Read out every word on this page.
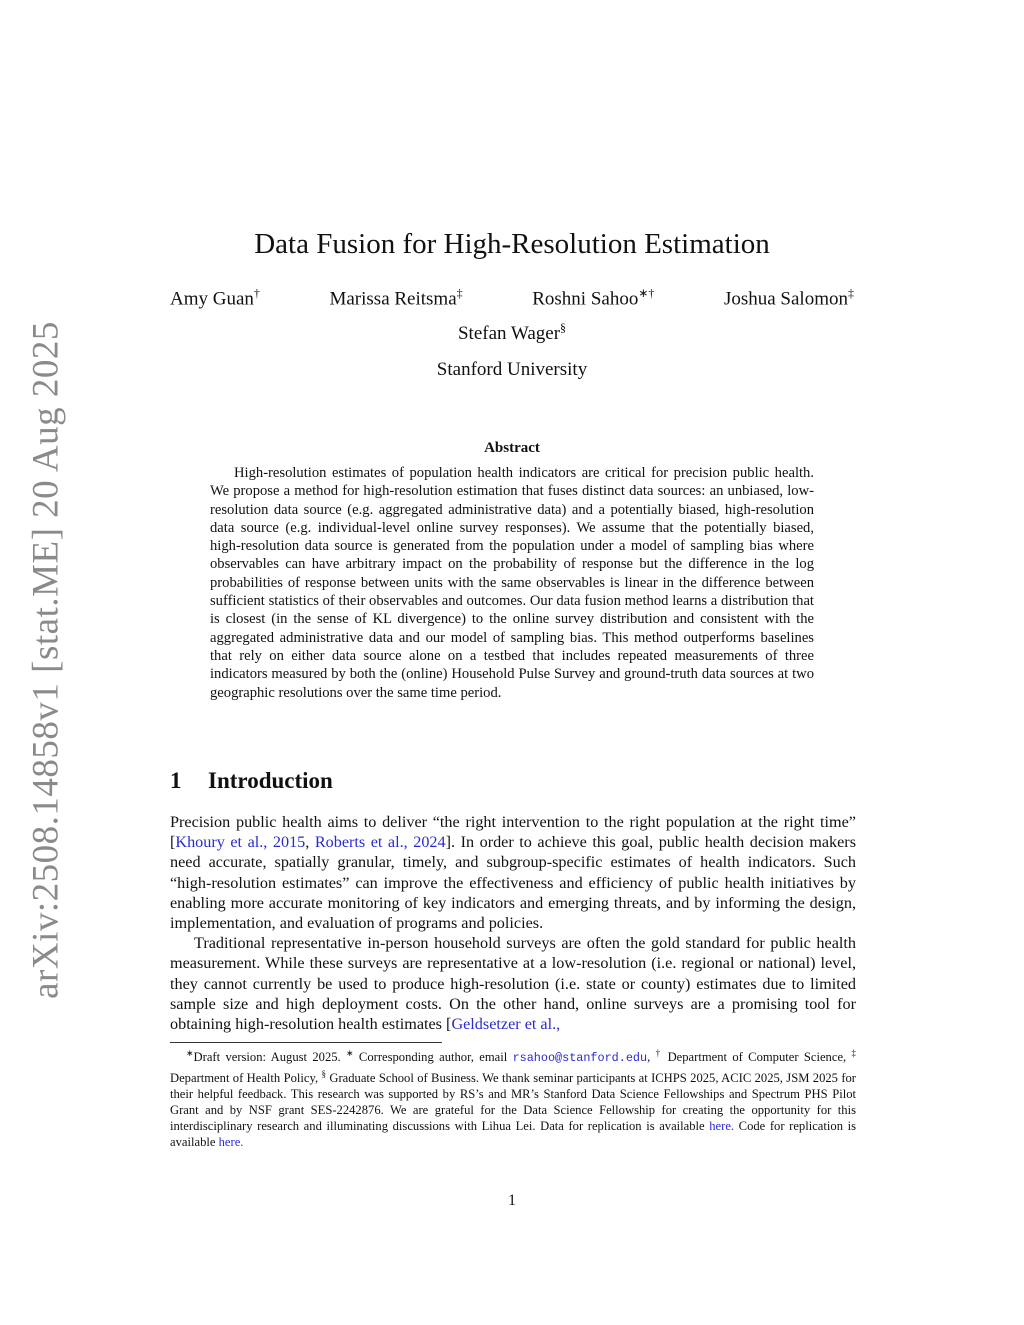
arXiv:2508.14858v1 [stat.ME] 20 Aug 2025
Data Fusion for High-Resolution Estimation
Amy Guan†	Marissa Reitsma‡	Roshni Sahoo∗†	Joshua Salomon‡
Stefan Wager§
Stanford University
Abstract
High-resolution estimates of population health indicators are critical for precision public health. We propose a method for high-resolution estimation that fuses distinct data sources: an unbiased, low-resolution data source (e.g. aggregated administrative data) and a potentially biased, high-resolution data source (e.g. individual-level online survey responses). We assume that the potentially biased, high-resolution data source is generated from the population under a model of sampling bias where observables can have arbitrary impact on the probability of response but the difference in the log probabilities of response between units with the same observables is linear in the difference between sufficient statistics of their observables and outcomes. Our data fusion method learns a distribution that is closest (in the sense of KL divergence) to the online survey distribution and consistent with the aggregated administrative data and our model of sampling bias. This method outperforms baselines that rely on either data source alone on a testbed that includes repeated measurements of three indicators measured by both the (online) Household Pulse Survey and ground-truth data sources at two geographic resolutions over the same time period.
1 Introduction

Precision public health aims to deliver “the right intervention to the right population at the right time” [Khoury et al., 2015, Roberts et al., 2024]. In order to achieve this goal, public health decision makers need accurate, spatially granular, timely, and subgroup-specific estimates of health indicators. Such “high-resolution estimates” can improve the effectiveness and efficiency of public health initiatives by enabling more accurate monitoring of key indicators and emerging threats, and by informing the design, implementation, and evaluation of programs and policies.

Traditional representative in-person household surveys are often the gold standard for public health measurement. While these surveys are representative at a low-resolution (i.e. regional or national) level, they cannot currently be used to produce high-resolution (i.e. state or county) estimates due to limited sample size and high deployment costs. On the other hand, online surveys are a promising tool for obtaining high-resolution health estimates [Geldsetzer et al.,

∗Draft version: August 2025. ∗ Corresponding author, email rsahoo@stanford.edu, † Department of Computer Science, ‡ Department of Health Policy, § Graduate School of Business. We thank seminar participants at ICHPS 2025, ACIC 2025, JSM 2025 for their helpful feedback. This research was supported by RS’s and MR’s Stanford Data Science Fellowships and Spectrum PHS Pilot Grant and by NSF grant SES-2242876. We are grateful for the Data Science Fellowship for creating the opportunity for this interdisciplinary research and illuminating discussions with Lihua Lei. Data for replication is available here. Code for replication is available here.

1
